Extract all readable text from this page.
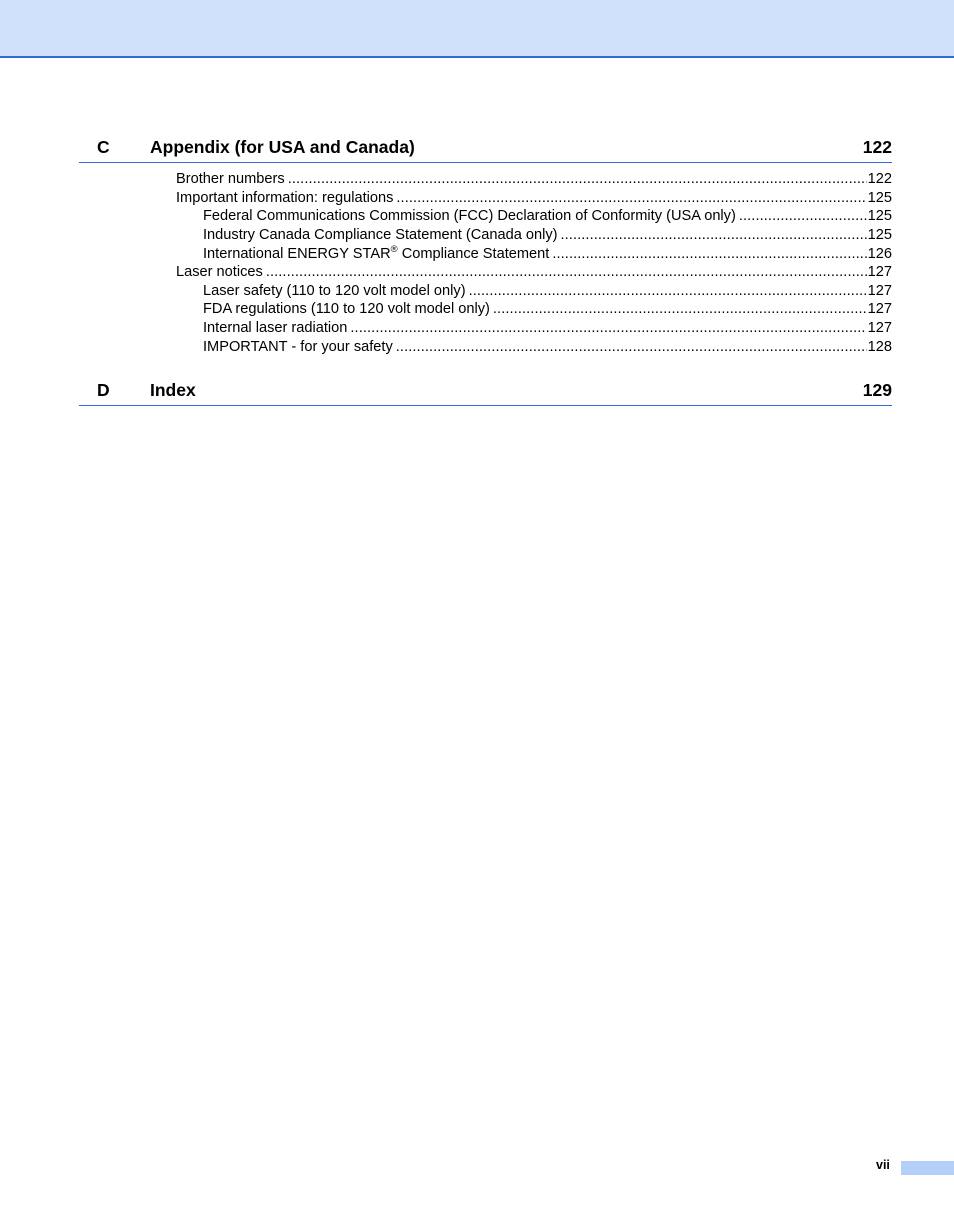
C Appendix (for USA and Canada)	122
Brother numbers .....	122
Important information: regulations .....	125
Federal Communications Commission (FCC) Declaration of Conformity (USA only) .....	125
Industry Canada Compliance Statement (Canada only) .....	125
International ENERGY STAR® Compliance Statement .....	126
Laser notices .....	127
Laser safety (110 to 120 volt model only) .....	127
FDA regulations (110 to 120 volt model only) .....	127
Internal laser radiation .....	127
IMPORTANT - for your safety .....	128
D Index	129
vii
